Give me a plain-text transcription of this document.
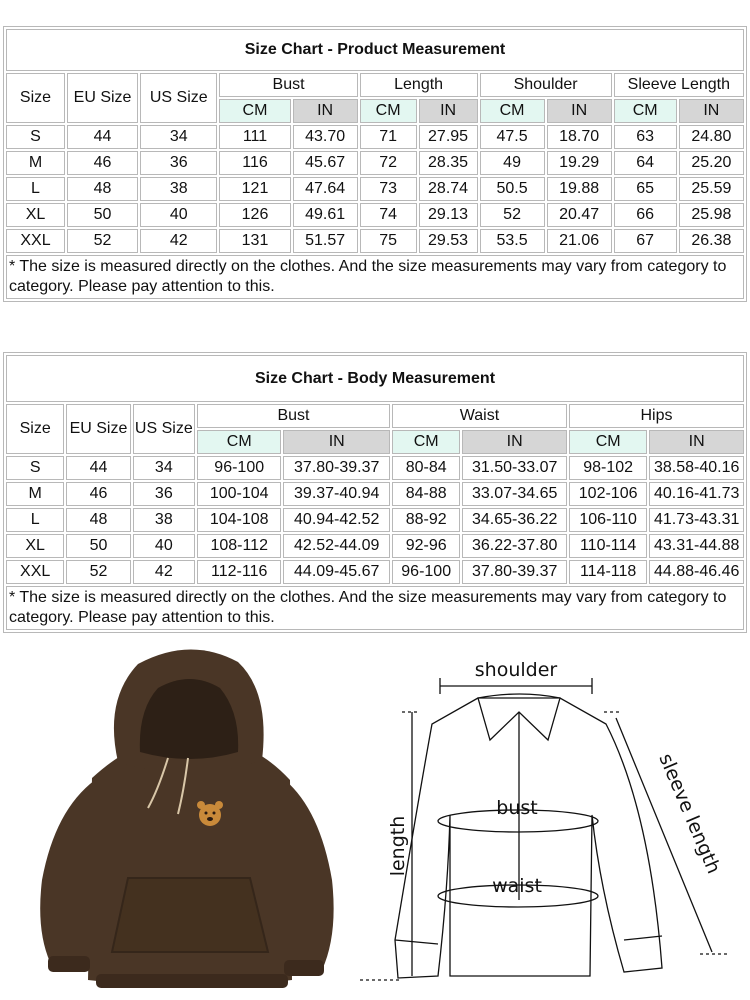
Size Chart - Product Measurement										
Size	EU Size	US Size	Bust		Length		Shoulder		Sleeve Length	
			CM	IN	CM	IN	CM	IN	CM	IN
S	44	34	111	43.70	71	27.95	47.5	18.70	63	24.80
M	46	36	116	45.67	72	28.35	49	19.29	64	25.20
L	48	38	121	47.64	73	28.74	50.5	19.88	65	25.59
XL	50	40	126	49.61	74	29.13	52	20.47	66	25.98
XXL	52	42	131	51.57	75	29.53	53.5	21.06	67	26.38
* The size is measured directly on the clothes. And the size measurements may vary from category to category. Please pay attention to this.										
Size Chart - Body Measurement								
Size	EU Size	US Size	Bust		Waist		Hips	
			CM	IN	CM	IN	CM	IN
S	44	34	96-100	37.80-39.37	80-84	31.50-33.07	98-102	38.58-40.16
M	46	36	100-104	39.37-40.94	84-88	33.07-34.65	102-106	40.16-41.73
L	48	38	104-108	40.94-42.52	88-92	34.65-36.22	106-110	41.73-43.31
XL	50	40	108-112	42.52-44.09	92-96	36.22-37.80	110-114	43.31-44.88
XXL	52	42	112-116	44.09-45.67	96-100	37.80-39.37	114-118	44.88-46.46
* The size is measured directly on the clothes. And the size measurements may vary from category to category. Please pay attention to this.								
shoulder
bust
waist
length	sleeve length
